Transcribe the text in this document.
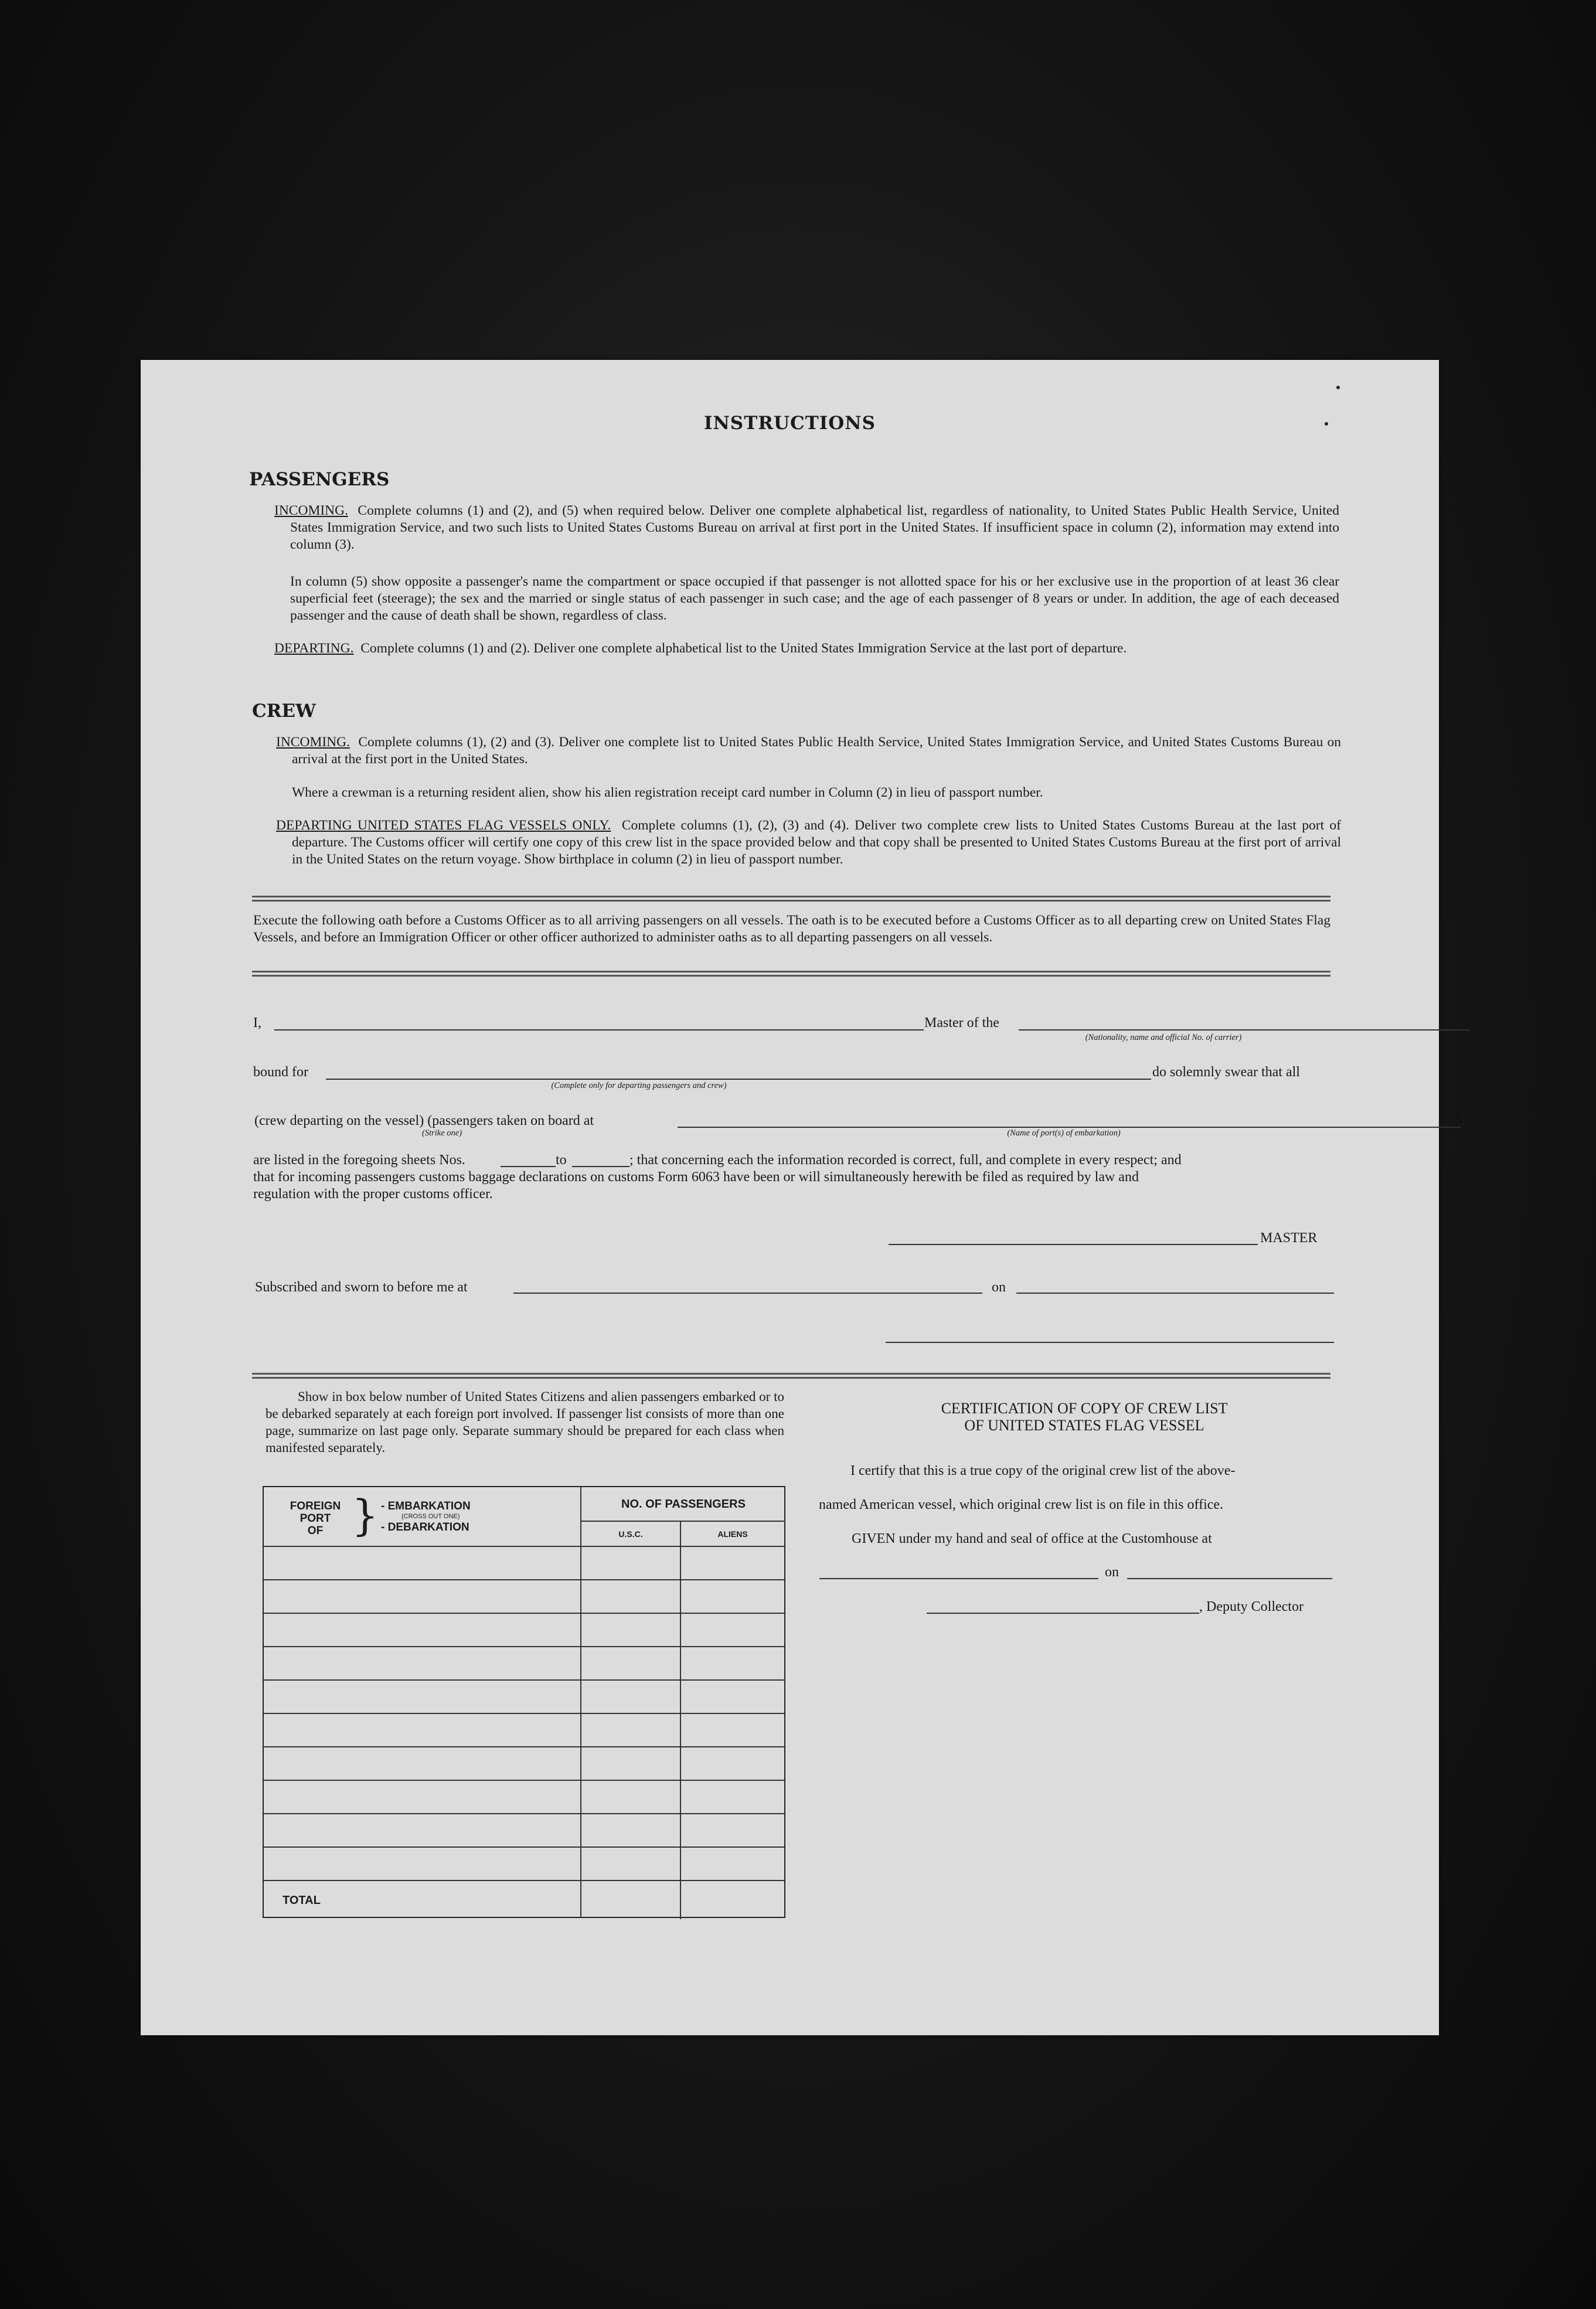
INSTRUCTIONS
PASSENGERS
INCOMING. Complete columns (1) and (2), and (5) when required below. Deliver one complete alphabetical list, regardless of nationality, to United States Public Health Service, United States Immigration Service, and two such lists to United States Customs Bureau on arrival at first port in the United States. If insufficient space in column (2), information may extend into column (3).
In column (5) show opposite a passenger's name the compartment or space occupied if that passenger is not allotted space for his or her exclusive use in the proportion of at least 36 clear superficial feet (steerage); the sex and the married or single status of each passenger in such case; and the age of each passenger of 8 years or under. In addition, the age of each deceased passenger and the cause of death shall be shown, regardless of class.
DEPARTING. Complete columns (1) and (2). Deliver one complete alphabetical list to the United States Immigration Service at the last port of departure.
CREW
INCOMING. Complete columns (1), (2) and (3). Deliver one complete list to United States Public Health Service, United States Immigration Service, and United States Customs Bureau on arrival at the first port in the United States.
Where a crewman is a returning resident alien, show his alien registration receipt card number in Column (2) in lieu of passport number.
DEPARTING UNITED STATES FLAG VESSELS ONLY. Complete columns (1), (2), (3) and (4). Deliver two complete crew lists to United States Customs Bureau at the last port of departure. The Customs officer will certify one copy of this crew list in the space provided below and that copy shall be presented to United States Customs Bureau at the first port of arrival in the United States on the return voyage. Show birthplace in column (2) in lieu of passport number.
Execute the following oath before a Customs Officer as to all arriving passengers on all vessels. The oath is to be executed before a Customs Officer as to all departing crew on United States Flag Vessels, and before an Immigration Officer or other officer authorized to administer oaths as to all departing passengers on all vessels.
I,	Master of the
(Nationality, name and official No. of carrier)
bound for	do solemnly swear that all
(Complete only for departing passengers and crew)
(crew departing on the vessel) (passengers taken on board at	)
(Strike one)	(Name of port(s) of embarkation)
are listed in the foregoing sheets Nos.	to	; that concerning each the information recorded is correct, full, and complete in every respect; and
that for incoming passengers customs baggage declarations on customs Form 6063 have been or will simultaneously herewith be filed as required by law and
regulation with the proper customs officer.
MASTER
Subscribed and sworn to before me at	on
Show in box below number of United States Citizens and alien passengers embarked or to be debarked separately at each foreign port involved. If passenger list consists of more than one page, summarize on last page only. Separate summary should be prepared for each class when manifested separately.
FOREIGN
PORT
OF } - EMBARKATION
(CROSS OUT ONE)
- DEBARKATION
NO. OF PASSENGERS
U.S.C.	ALIENS
TOTAL
CERTIFICATION OF COPY OF CREW LIST
OF UNITED STATES FLAG VESSEL
I certify that this is a true copy of the original crew list of the above-
named American vessel, which original crew list is on file in this office.
GIVEN under my hand and seal of office at the Customhouse at
on
, Deputy Collector
